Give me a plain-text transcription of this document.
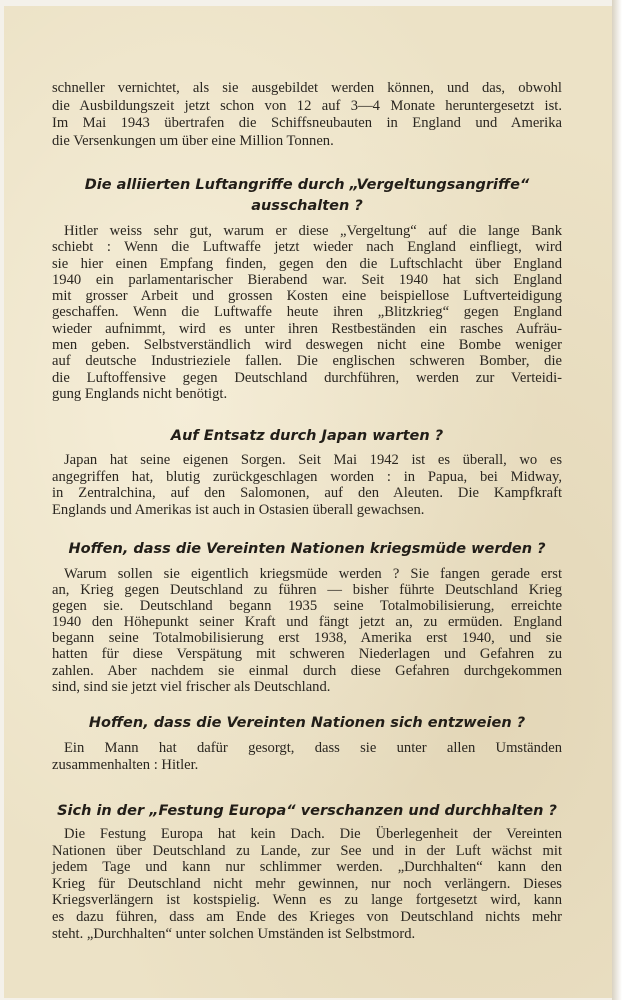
schneller vernichtet, als sie ausgebildet werden können, und das, obwohl
die Ausbildungszeit jetzt schon von 12 auf 3—4 Monate heruntergesetzt ist.
Im Mai 1943 übertrafen die Schiffsneubauten in England und Amerika
die Versenkungen um über eine Million Tonnen.
Die alliierten Luftangriffe durch „Vergeltungsangriffe“
ausschalten ?
Hitler weiss sehr gut, warum er diese „Vergeltung“ auf die lange Bank
schiebt : Wenn die Luftwaffe jetzt wieder nach England einfliegt, wird
sie hier einen Empfang finden, gegen den die Luftschlacht über England
1940 ein parlamentarischer Bierabend war. Seit 1940 hat sich England
mit grosser Arbeit und grossen Kosten eine beispiellose Luftverteidigung
geschaffen. Wenn die Luftwaffe heute ihren „Blitzkrieg“ gegen England
wieder aufnimmt, wird es unter ihren Restbeständen ein rasches Aufräu-
men geben. Selbstverständlich wird deswegen nicht eine Bombe weniger
auf deutsche Industrieziele fallen. Die englischen schweren Bomber, die
die Luftoffensive gegen Deutschland durchführen, werden zur Verteidi-
gung Englands nicht benötigt.
Auf Entsatz durch Japan warten ?
Japan hat seine eigenen Sorgen. Seit Mai 1942 ist es überall, wo es
angegriffen hat, blutig zurückgeschlagen worden : in Papua, bei Midway,
in Zentralchina, auf den Salomonen, auf den Aleuten. Die Kampfkraft
Englands und Amerikas ist auch in Ostasien überall gewachsen.
Hoffen, dass die Vereinten Nationen kriegsmüde werden ?
Warum sollen sie eigentlich kriegsmüde werden ? Sie fangen gerade erst
an, Krieg gegen Deutschland zu führen — bisher führte Deutschland Krieg
gegen sie. Deutschland begann 1935 seine Totalmobilisierung, erreichte
1940 den Höhepunkt seiner Kraft und fängt jetzt an, zu ermüden. England
begann seine Totalmobilisierung erst 1938, Amerika erst 1940, und sie
hatten für diese Verspätung mit schweren Niederlagen und Gefahren zu
zahlen. Aber nachdem sie einmal durch diese Gefahren durchgekommen
sind, sind sie jetzt viel frischer als Deutschland.
Hoffen, dass die Vereinten Nationen sich entzweien ?
Ein Mann hat dafür gesorgt, dass sie unter allen Umständen
zusammenhalten : Hitler.
Sich in der „Festung Europa“ verschanzen und durchhalten ?
Die Festung Europa hat kein Dach. Die Überlegenheit der Vereinten
Nationen über Deutschland zu Lande, zur See und in der Luft wächst mit
jedem Tage und kann nur schlimmer werden. „Durchhalten“ kann den
Krieg für Deutschland nicht mehr gewinnen, nur noch verlängern. Dieses
Kriegsverlängern ist kostspielig. Wenn es zu lange fortgesetzt wird, kann
es dazu führen, dass am Ende des Krieges von Deutschland nichts mehr
steht. „Durchhalten“ unter solchen Umständen ist Selbstmord.
